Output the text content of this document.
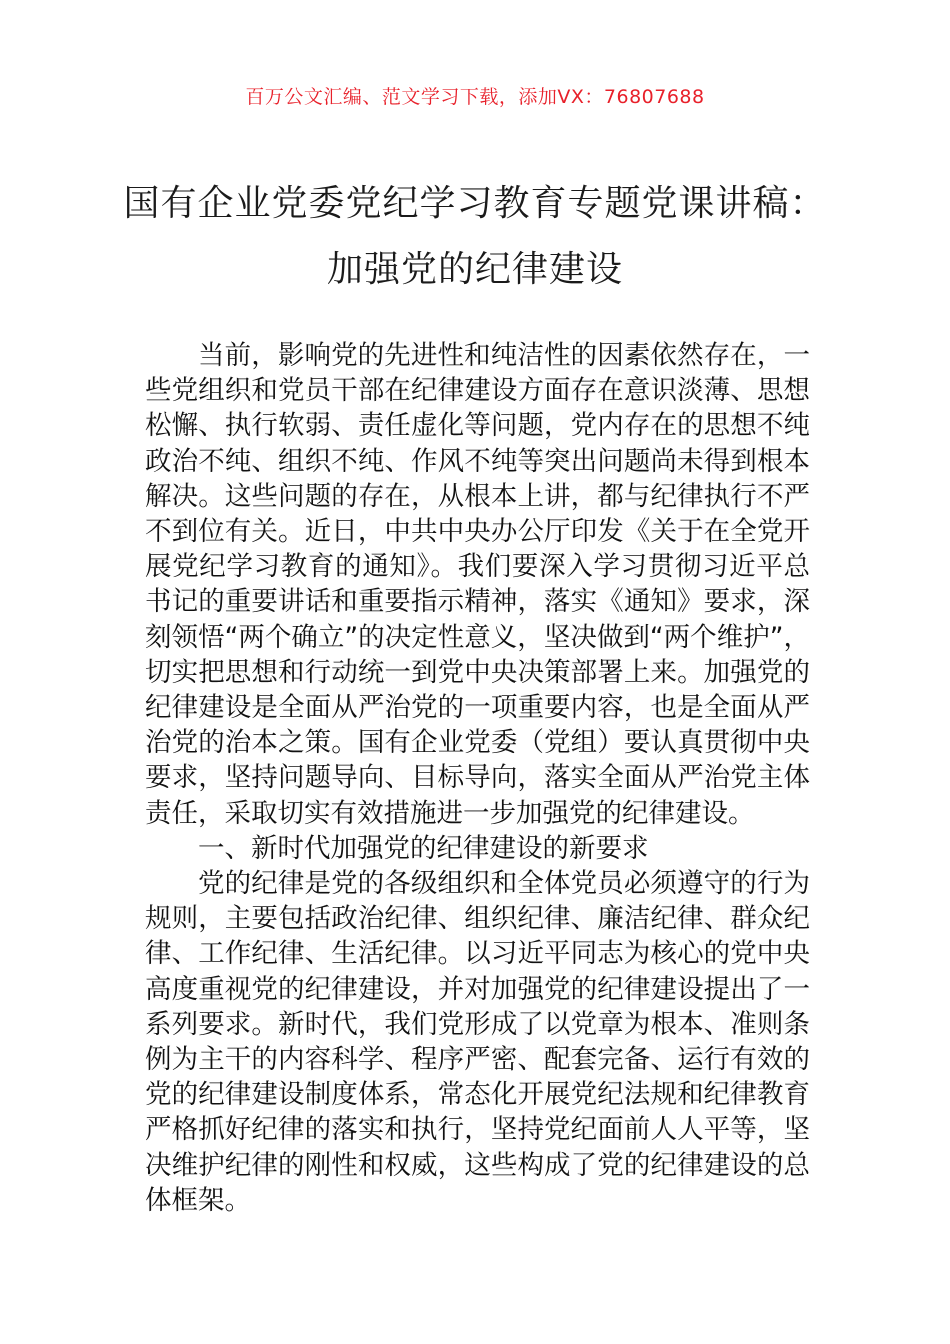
百万公文汇编、范文学习下载，添加VX：76807688
国有企业党委党纪学习教育专题党课讲稿：
加强党的纪律建设

当前，影响党的先进性和纯洁性的因素依然存在，一些党组织和党员干部在纪律建设方面存在意识淡薄、思想松懈、执行软弱、责任虚化等问题，党内存在的思想不纯政治不纯、组织不纯、作风不纯等突出问题尚未得到根本解决。这些问题的存在，从根本上讲，都与纪律执行不严不到位有关。近日，中共中央办公厅印发《关于在全党开展党纪学习教育的通知》。我们要深入学习贯彻习近平总书记的重要讲话和重要指示精神，落实《通知》要求，深刻领悟“两个确立”的决定性意义，坚决做到“两个维护”，切实把思想和行动统一到党中央决策部署上来。加强党的纪律建设是全面从严治党的一项重要内容，也是全面从严治党的治本之策。国有企业党委（党组）要认真贯彻中央要求，坚持问题导向、目标导向，落实全面从严治党主体责任，采取切实有效措施进一步加强党的纪律建设。

一、新时代加强党的纪律建设的新要求

党的纪律是党的各级组织和全体党员必须遵守的行为规则，主要包括政治纪律、组织纪律、廉洁纪律、群众纪律、工作纪律、生活纪律。以习近平同志为核心的党中央高度重视党的纪律建设，并对加强党的纪律建设提出了一系列要求。新时代，我们党形成了以党章为根本、准则条例为主干的内容科学、程序严密、配套完备、运行有效的党的纪律建设制度体系，常态化开展党纪法规和纪律教育严格抓好纪律的落实和执行，坚持党纪面前人人平等，坚决维护纪律的刚性和权威，这些构成了党的纪律建设的总体框架。
